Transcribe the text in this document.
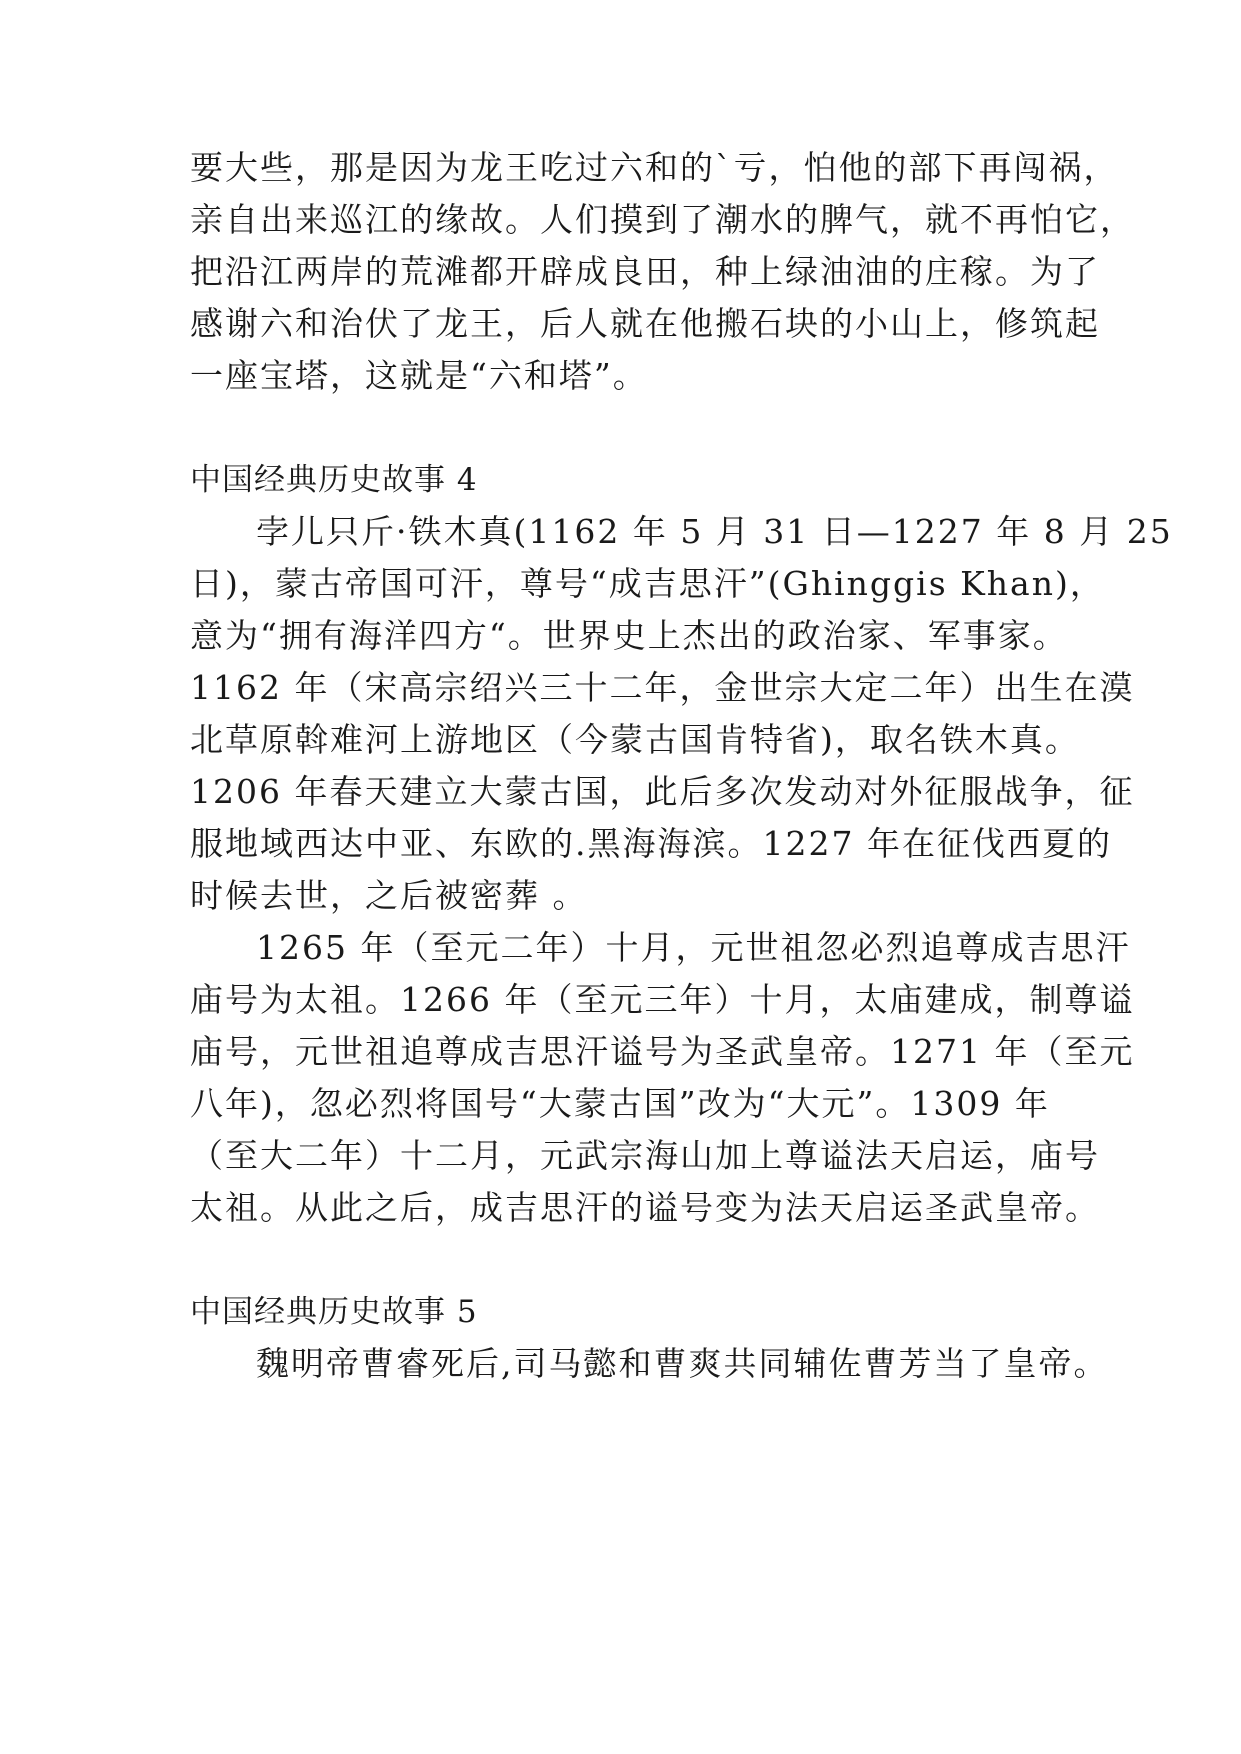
要大些，那是因为龙王吃过六和的`亏，怕他的部下再闯祸，
亲自出来巡江的缘故。人们摸到了潮水的脾气，就不再怕它，
把沿江两岸的荒滩都开辟成良田，种上绿油油的庄稼。为了
感谢六和治伏了龙王，后人就在他搬石块的小山上，修筑起
一座宝塔，这就是“六和塔”。
中国经典历史故事 4
孛儿只斤·铁木真(1162 年 5 月 31 日—1227 年 8 月 25
日)，蒙古帝国可汗，尊号“成吉思汗”(Ghinggis Khan)，
意为“拥有海洋四方“。世界史上杰出的政治家、军事家。
1162 年（宋高宗绍兴三十二年，金世宗大定二年）出生在漠
北草原斡难河上游地区（今蒙古国肯特省)，取名铁木真。
1206 年春天建立大蒙古国，此后多次发动对外征服战争，征
服地域西达中亚、东欧的.黑海海滨。1227 年在征伐西夏的
时候去世，之后被密葬 。
1265 年（至元二年）十月，元世祖忽必烈追尊成吉思汗
庙号为太祖。1266 年（至元三年）十月，太庙建成，制尊谥
庙号，元世祖追尊成吉思汗谥号为圣武皇帝。1271 年（至元
八年)，忽必烈将国号“大蒙古国”改为“大元”。1309 年
（至大二年）十二月，元武宗海山加上尊谥法天启运，庙号
太祖。从此之后，成吉思汗的谥号变为法天启运圣武皇帝。
中国经典历史故事 5
魏明帝曹睿死后,司马懿和曹爽共同辅佐曹芳当了皇帝。
